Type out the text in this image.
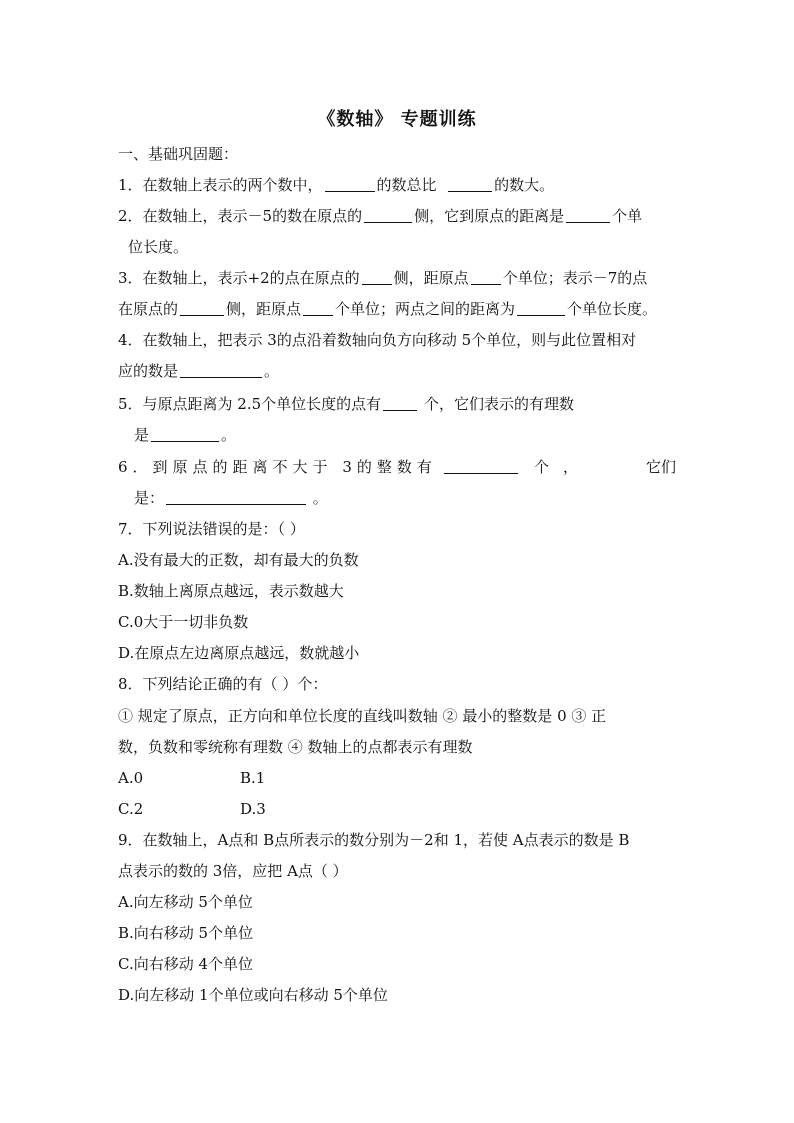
《数轴》 专题训练
一、基础巩固题：
1．在数轴上表示的两个数中，	的数总比	的数大。
2．在数轴上，表示－5的数在原点的	侧，它到原点的距离是	个单
位长度。
3．在数轴上，表示+2的点在原点的 侧，距原点 个单位；表示－7的点
在原点的	侧，距原点 个单位；两点之间的距离为	个单位长度。
4．在数轴上，把表示 3的点沿着数轴向负方向移动 5个单位，则与此位置相对
应的数是	。
5．与原点距离为 2.5个单位长度的点有	个，它们表示的有理数
是	。
6．到原点的距离不大于 3的整数有	个，	它们
是：	。
7．下列说法错误的是：（ ）
A.没有最大的正数，却有最大的负数
B.数轴上离原点越远，表示数越大
C.0大于一切非负数
D.在原点左边离原点越远，数就越小
8．下列结论正确的有（ ）个：
① 规定了原点，正方向和单位长度的直线叫数轴 ② 最小的整数是 0 ③ 正
数，负数和零统称有理数 ④ 数轴上的点都表示有理数
A.0	B.1
C.2	D.3
9．在数轴上，A点和 B点所表示的数分别为－2和 1，若使 A点表示的数是 B
点表示的数的 3倍，应把 A点（ ）
A.向左移动 5个单位
B.向右移动 5个单位
C.向右移动 4个单位
D.向左移动 1个单位或向右移动 5个单位
